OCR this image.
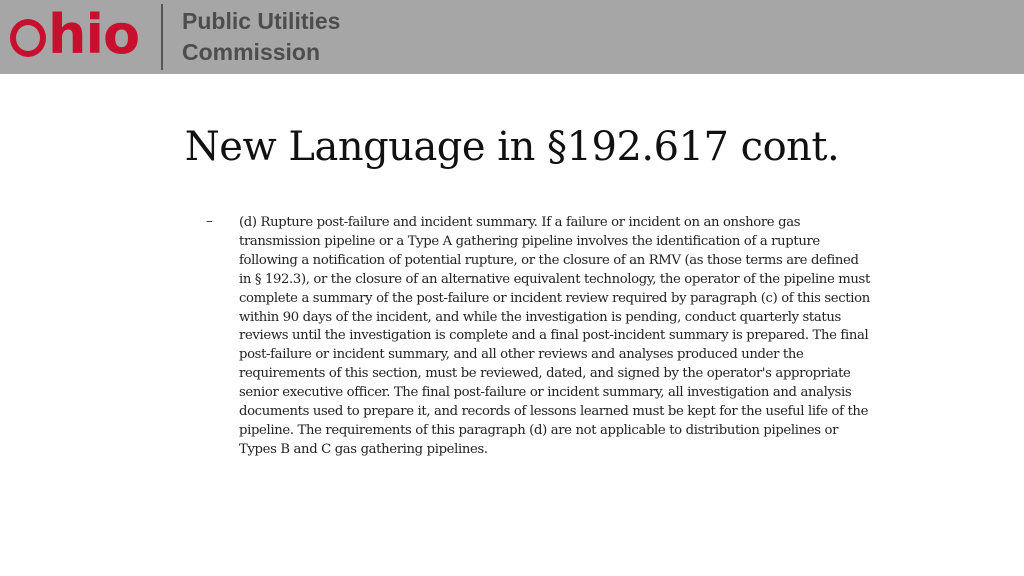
hio Public Utilities
Commission
New Language in §192.617 cont.
– (d) Rupture post-failure and incident summary. If a failure or incident on an onshore gas transmission pipeline or a Type A gathering pipeline involves the identification of a rupture following a notification of potential rupture, or the closure of an RMV (as those terms are defined in § 192.3), or the closure of an alternative equivalent technology, the operator of the pipeline must complete a summary of the post-failure or incident review required by paragraph (c) of this section within 90 days of the incident, and while the investigation is pending, conduct quarterly status reviews until the investigation is complete and a final post-incident summary is prepared. The final post-failure or incident summary, and all other reviews and analyses produced under the requirements of this section, must be reviewed, dated, and signed by the operator's appropriate senior executive officer. The final post-failure or incident summary, all investigation and analysis documents used to prepare it, and records of lessons learned must be kept for the useful life of the pipeline. The requirements of this paragraph (d) are not applicable to distribution pipelines or Types B and C gas gathering pipelines.
